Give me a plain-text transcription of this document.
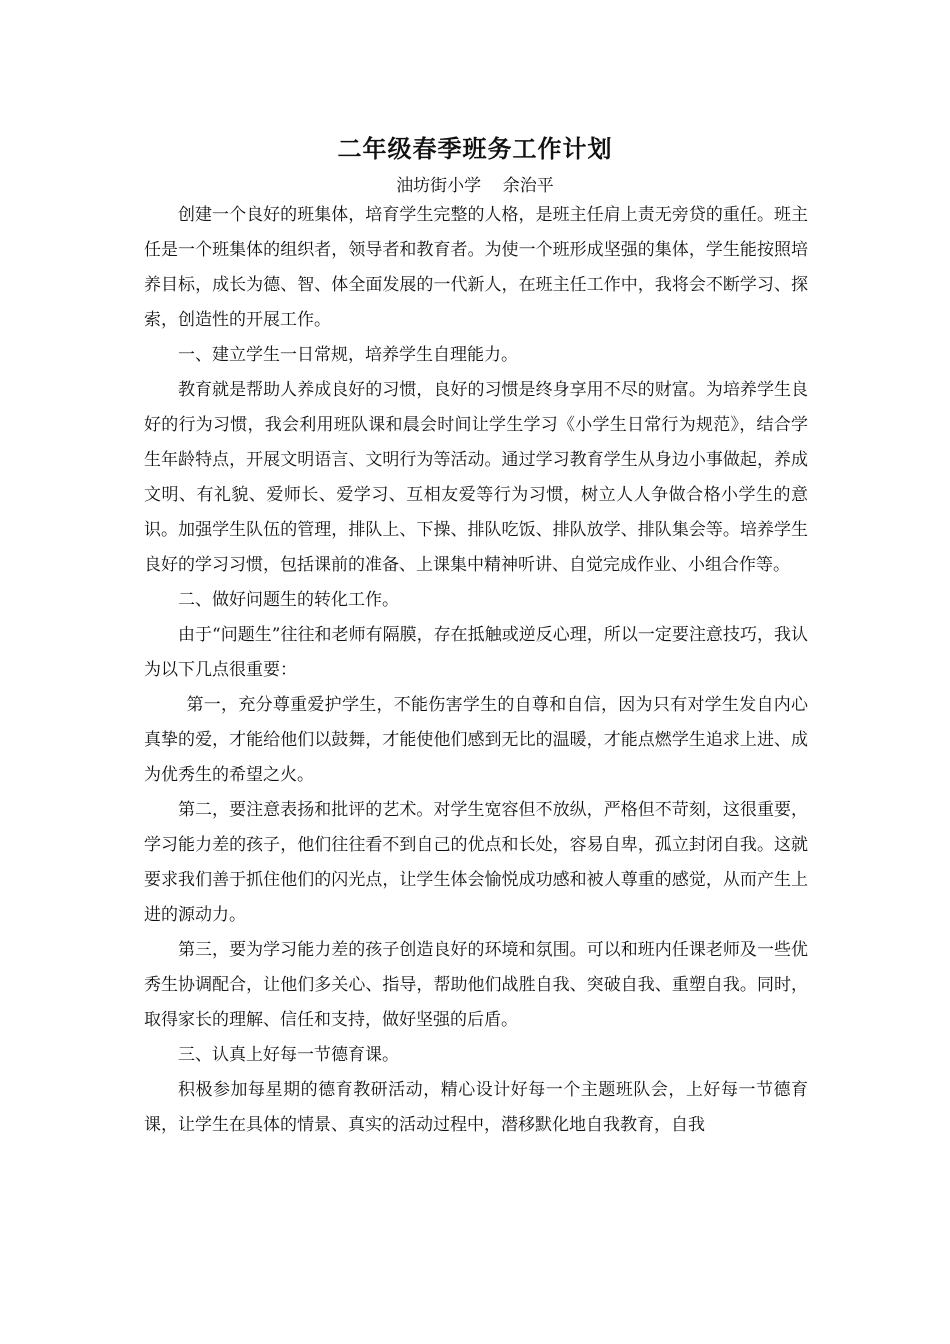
二年级春季班务工作计划
油坊街小学    余治平

创建一个良好的班集体，培育学生完整的人格，是班主任肩上责无旁贷的重任。班主任是一个班集体的组织者，领导者和教育者。为使一个班形成坚强的集体，学生能按照培养目标，成长为德、智、体全面发展的一代新人，在班主任工作中，我将会不断学习、探索，创造性的开展工作。

一、建立学生一日常规，培养学生自理能力。

教育就是帮助人养成良好的习惯，良好的习惯是终身享用不尽的财富。为培养学生良好的行为习惯，我会利用班队课和晨会时间让学生学习《小学生日常行为规范》，结合学生年龄特点，开展文明语言、文明行为等活动。通过学习教育学生从身边小事做起，养成文明、有礼貌、爱师长、爱学习、互相友爱等行为习惯，树立人人争做合格小学生的意识。加强学生队伍的管理，排队上、下操、排队吃饭、排队放学、排队集会等。培养学生良好的学习习惯，包括课前的准备、上课集中精神听讲、自觉完成作业、小组合作等。

二、做好问题生的转化工作。

由于“问题生”往往和老师有隔膜，存在抵触或逆反心理，所以一定要注意技巧，我认为以下几点很重要：

第一，充分尊重爱护学生，不能伤害学生的自尊和自信，因为只有对学生发自内心真挚的爱，才能给他们以鼓舞，才能使他们感到无比的温暖，才能点燃学生追求上进、成为优秀生的希望之火。

第二，要注意表扬和批评的艺术。对学生宽容但不放纵，严格但不苛刻，这很重要，学习能力差的孩子，他们往往看不到自己的优点和长处，容易自卑，孤立封闭自我。这就要求我们善于抓住他们的闪光点，让学生体会愉悦成功感和被人尊重的感觉，从而产生上进的源动力。

第三，要为学习能力差的孩子创造良好的环境和氛围。可以和班内任课老师及一些优秀生协调配合，让他们多关心、指导，帮助他们战胜自我、突破自我、重塑自我。同时，取得家长的理解、信任和支持，做好坚强的后盾。

三、认真上好每一节德育课。

积极参加每星期的德育教研活动，精心设计好每一个主题班队会，上好每一节德育课，让学生在具体的情景、真实的活动过程中，潜移默化地自我教育，自我
